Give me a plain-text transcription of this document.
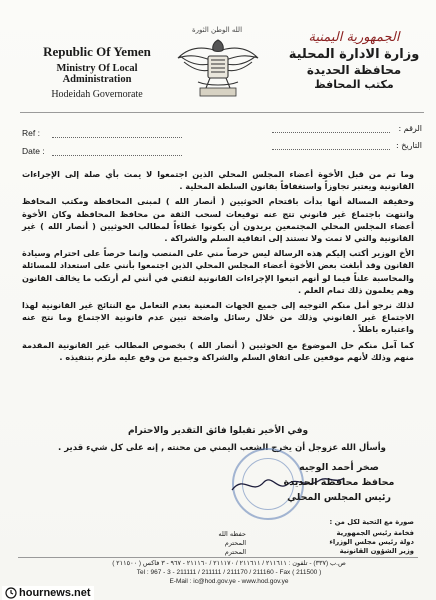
Republic Of Yemen
Ministry Of Local Administration
Hodeidah Governorate
الله الوطن الثورة	الجمهورية اليمنية
وزارة الادارة المحلية
محافظة الحديدة
مكتب المحافظ
Ref :
Date :
الرقم :
التاريخ :

وما تم من قبل الأخوة أعضاء المجلس المحلي الذين اجتمعوا لا يمت بأي صلة إلى الإجراءات القانونية ويعتبر تجاوزاً واستغفافاً بقانون السلطة المحلية .

وحقيقة المسالة أنها بدأت باقتحام الحوثيين ( أنصار الله ) لمبنى المحافظة ومكتب المحافظ وانتهت باجتماع غير قانوني تتج عنه توقيعات لسحب الثقة من محافظ المحافظة وكان الأخوة أعضاء المجلس المحلي المجتمعين يريدون أن يكونوا غطاءاً لمطالب الحوثيين ( أنصار الله ) غير القانونية والتي لا تمت ولا تستند إلى اتفاقية السلم والشراكة .

الأخ الوزير أكتب إليكم هذه الرسالة ليس حرصاً مني على المنصب وإنما حرصاً على احترام وسيادة القانون وقد أبلغت بعض الأخوة أعضاء المجلس المحلي الذين اجتمعوا بأنني على استعداد للمسائلة والمحاسبة علناً فيما لو أنهم اتبعوا الإجراءات القانونية لثقتي في أنني لم أرتكب ما يخالف القانون وهم يعلمون ذلك تمام العلم .

لذلك نرجو أمل منكم التوجيه إلى جميع الجهات المعنية بعدم التعامل مع النتائج غير القانونية لهذا الاجتماع غير القانوني وذلك من خلال رسائل واضحة تبين عدم قانونية الاجتماع وما نتج عنه واعتباره باطلاً .

كما آمل منكم حل الموضوع مع الحوثيين ( أنصار الله ) بخصوص المطالب غير القانونية المقدمة منهم وذلك لأنهم موقعين على اتفاق السلم والشراكة وجميع من وقع عليه ملزم بتنفيذه .

وفي الأخير تقبلوا فائق التقدير والاحترام
وأسأل الله عزوجل أن يخرج الشعب اليمني من محنته , إنه على كل شيء قدير .
صخر أحمد الوجيه
محافظ محافظة الحديدة
رئيس المجلس المحلي
صورة مع التحية لكل من :
فخامة رئيس الجمهورية
دولة رئيس مجلس الوزراء
وزير الشؤون القانونية
حفظه الله
المحترم
المحترم
ص.ب (٣٣٧) - تلفون : ٢١١٦١١ / ٢١١٦١١ / ٢١١١٧٠ / ٢١١١٦٠ - ٩٦٧ - ٣ فاكس ( ٢١١٥٠٠ )
Tel : 967 - 3 - 211111 / 211111 / 211170 / 211160 - Fax ( 211500 )
E-Mail : ic@hod.gov.ye - www.hod.gov.ye
hournews.net
